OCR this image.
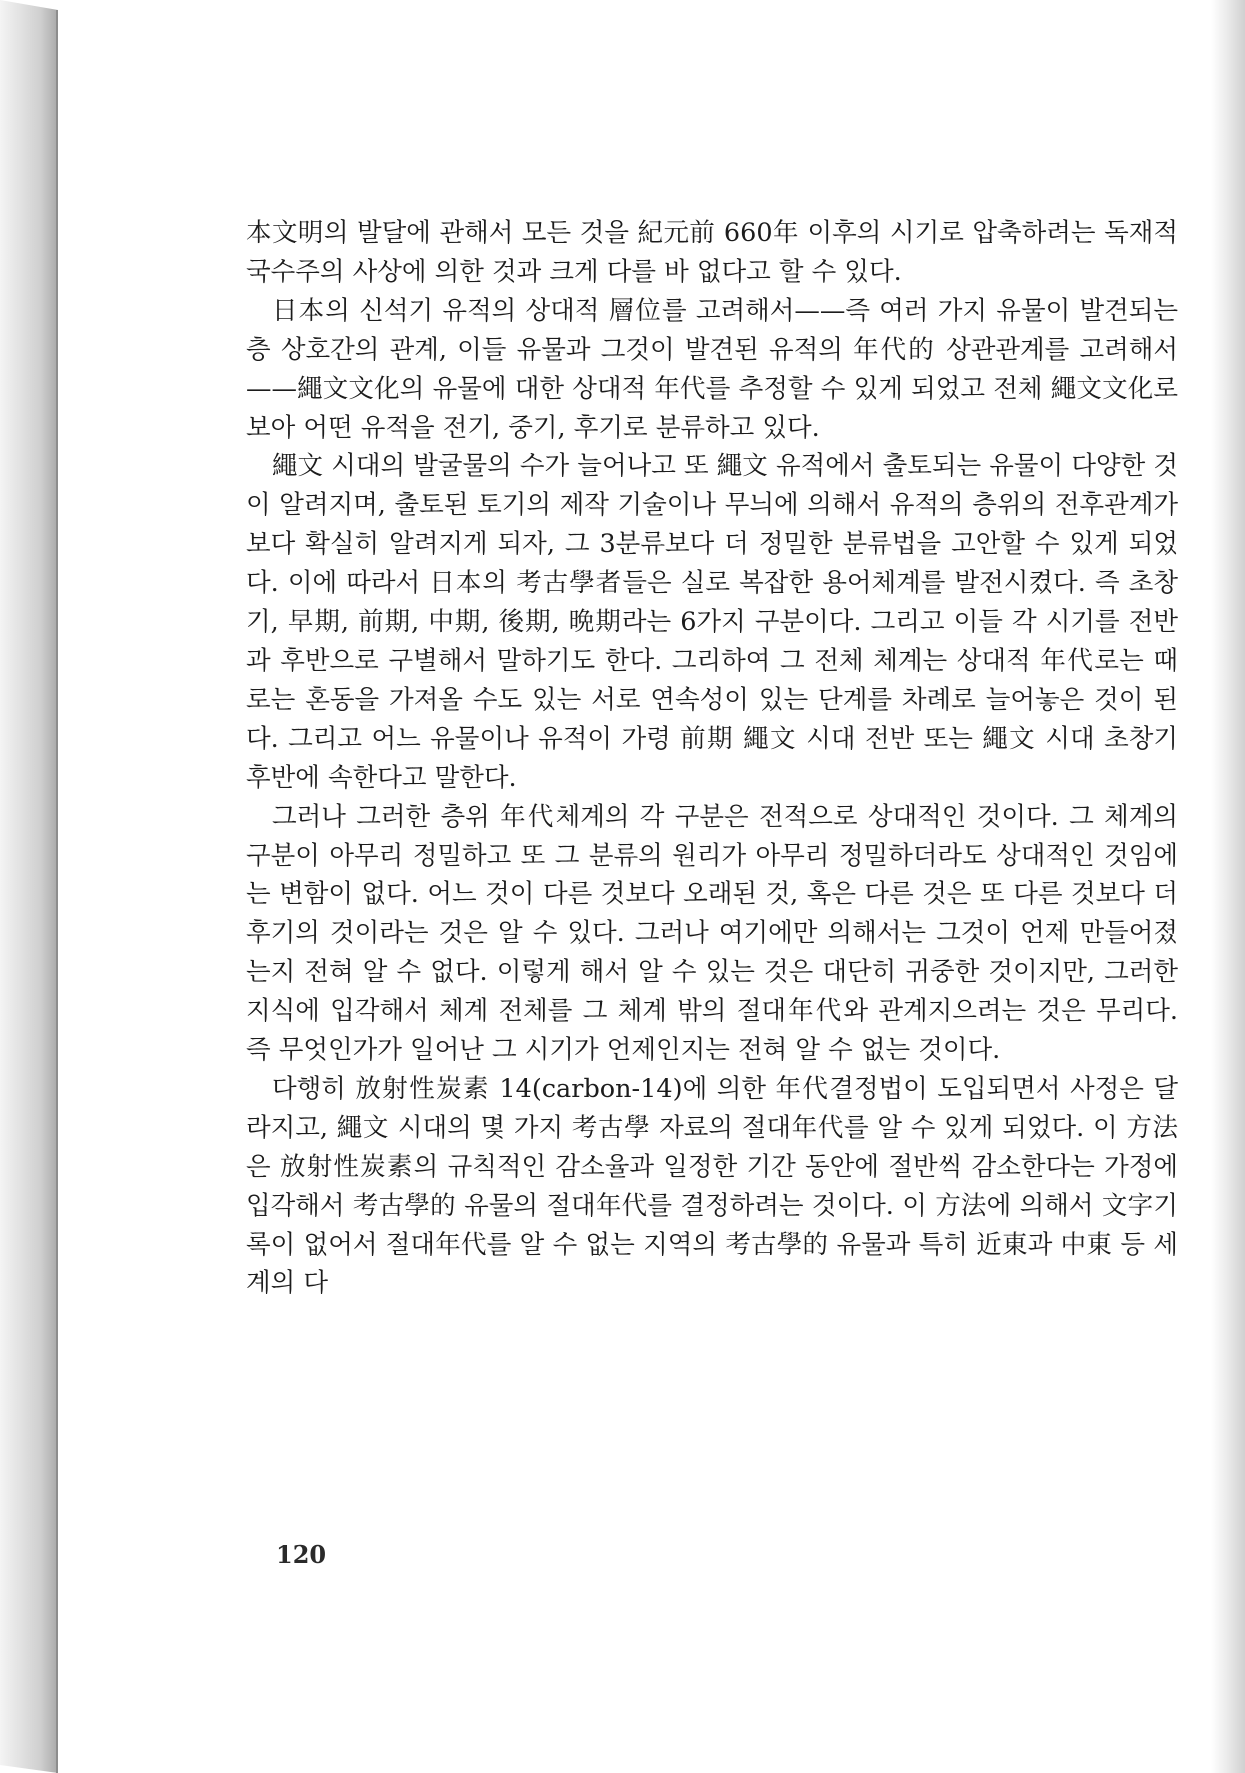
本文明의 발달에 관해서 모든 것을 紀元前 660年 이후의 시기로 압축하려는 독재적 국수주의 사상에 의한 것과 크게 다를 바 없다고 할 수 있다.

日本의 신석기 유적의 상대적 層位를 고려해서——즉 여러 가지 유물이 발견되는 층 상호간의 관계, 이들 유물과 그것이 발견된 유적의 年代的 상관관계를 고려해서——繩文文化의 유물에 대한 상대적 年代를 추정할 수 있게 되었고 전체 繩文文化로 보아 어떤 유적을 전기, 중기, 후기로 분류하고 있다.

繩文 시대의 발굴물의 수가 늘어나고 또 繩文 유적에서 출토되는 유물이 다양한 것이 알려지며, 출토된 토기의 제작 기술이나 무늬에 의해서 유적의 층위의 전후관계가 보다 확실히 알려지게 되자, 그 3분류보다 더 정밀한 분류법을 고안할 수 있게 되었다. 이에 따라서 日本의 考古學者들은 실로 복잡한 용어체계를 발전시켰다. 즉 초창기, 早期, 前期, 中期, 後期, 晩期라는 6가지 구분이다. 그리고 이들 각 시기를 전반과 후반으로 구별해서 말하기도 한다. 그리하여 그 전체 체계는 상대적 年代로는 때로는 혼동을 가져올 수도 있는 서로 연속성이 있는 단계를 차례로 늘어놓은 것이 된다. 그리고 어느 유물이나 유적이 가령 前期 繩文 시대 전반 또는 繩文 시대 초창기 후반에 속한다고 말한다.

그러나 그러한 층위 年代체계의 각 구분은 전적으로 상대적인 것이다. 그 체계의 구분이 아무리 정밀하고 또 그 분류의 원리가 아무리 정밀하더라도 상대적인 것임에는 변함이 없다. 어느 것이 다른 것보다 오래된 것, 혹은 다른 것은 또 다른 것보다 더 후기의 것이라는 것은 알 수 있다. 그러나 여기에만 의해서는 그것이 언제 만들어졌는지 전혀 알 수 없다. 이렇게 해서 알 수 있는 것은 대단히 귀중한 것이지만, 그러한 지식에 입각해서 체계 전체를 그 체계 밖의 절대年代와 관계지으려는 것은 무리다. 즉 무엇인가가 일어난 그 시기가 언제인지는 전혀 알 수 없는 것이다.

다행히 放射性炭素 14(carbon-14)에 의한 年代결정법이 도입되면서 사정은 달라지고, 繩文 시대의 몇 가지 考古學 자료의 절대年代를 알 수 있게 되었다. 이 方法은 放射性炭素의 규칙적인 감소율과 일정한 기간 동안에 절반씩 감소한다는 가정에 입각해서 考古學的 유물의 절대年代를 결정하려는 것이다. 이 方法에 의해서 文字기록이 없어서 절대年代를 알 수 없는 지역의 考古學的 유물과 특히 近東과 中東 등 세계의 다

120
